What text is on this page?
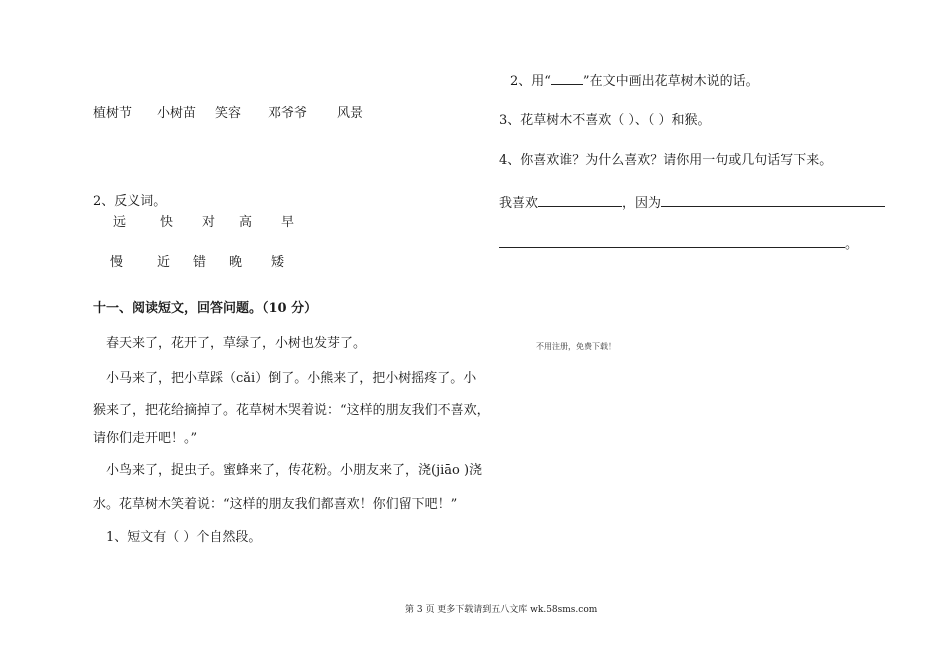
植树节 小树苗 笑容 邓爷爷 风景
2、反义词。
远	快 对 高 早
慢	近 错 晚 矮
十一、阅读短文，回答问题。（10 分）
春天来了，花开了，草绿了，小树也发芽了。
小马来了，把小草踩（cǎi）倒了。小熊来了，把小树摇疼了。小
猴来了，把花给摘掉了。花草树木哭着说：“这样的朋友我们不喜欢，
请你们走开吧！。”
小鸟来了，捉虫子。蜜蜂来了，传花粉。小朋友来了，浇(jiāo )浇
水。花草树木笑着说：“这样的朋友我们都喜欢！你们留下吧！”
1、短文有（ ）个自然段。
2、用“ ”在文中画出花草树木说的话。
3、花草树木不喜欢（ ）、（ ）和猴。
4、你喜欢谁？为什么喜欢？请你用一句或几句话写下来。
我喜欢	，因为
。
不用注册，免费下载！
第 3 页 更多下载请到五八文库 wk.58sms.com
